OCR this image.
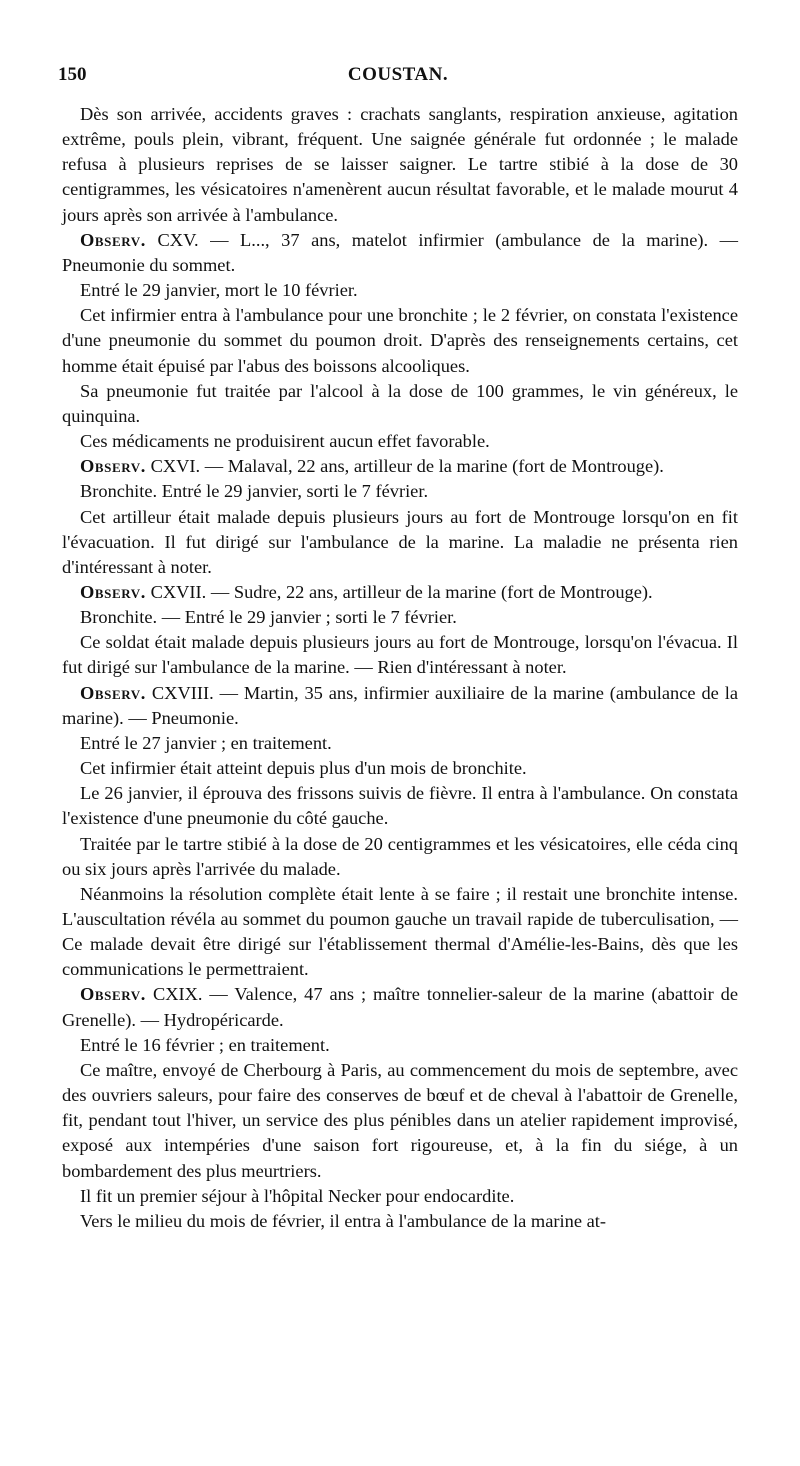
150	COUSTAN.

Dès son arrivée, accidents graves : crachats sanglants, respiration anxieuse, agitation extrême, pouls plein, vibrant, fréquent. Une saignée générale fut ordonnée ; le malade refusa à plusieurs reprises de se laisser saigner. Le tartre stibié à la dose de 30 centigrammes, les vésicatoires n'amenèrent aucun résultat favorable, et le malade mourut 4 jours après son arrivée à l'ambulance.

Observ. CXV. — L..., 37 ans, matelot infirmier (ambulance de la marine). — Pneumonie du sommet.

Entré le 29 janvier, mort le 10 février.

Cet infirmier entra à l'ambulance pour une bronchite ; le 2 février, on constata l'existence d'une pneumonie du sommet du poumon droit. D'après des renseignements certains, cet homme était épuisé par l'abus des boissons alcooliques.

Sa pneumonie fut traitée par l'alcool à la dose de 100 grammes, le vin généreux, le quinquina.

Ces médicaments ne produisirent aucun effet favorable.

Observ. CXVI. — Malaval, 22 ans, artilleur de la marine (fort de Montrouge).

Bronchite. Entré le 29 janvier, sorti le 7 février.

Cet artilleur était malade depuis plusieurs jours au fort de Montrouge lorsqu'on en fit l'évacuation. Il fut dirigé sur l'ambulance de la marine. La maladie ne présenta rien d'intéressant à noter.

Observ. CXVII. — Sudre, 22 ans, artilleur de la marine (fort de Montrouge).

Bronchite. — Entré le 29 janvier ; sorti le 7 février.

Ce soldat était malade depuis plusieurs jours au fort de Montrouge, lorsqu'on l'évacua. Il fut dirigé sur l'ambulance de la marine. — Rien d'intéressant à noter.

Observ. CXVIII. — Martin, 35 ans, infirmier auxiliaire de la marine (ambulance de la marine). — Pneumonie.

Entré le 27 janvier ; en traitement.

Cet infirmier était atteint depuis plus d'un mois de bronchite.

Le 26 janvier, il éprouva des frissons suivis de fièvre. Il entra à l'ambulance. On constata l'existence d'une pneumonie du côté gauche.

Traitée par le tartre stibié à la dose de 20 centigrammes et les vésicatoires, elle céda cinq ou six jours après l'arrivée du malade.

Néanmoins la résolution complète était lente à se faire ; il restait une bronchite intense. L'auscultation révéla au sommet du poumon gauche un travail rapide de tuberculisation, — Ce malade devait être dirigé sur l'établissement thermal d'Amélie-les-Bains, dès que les communications le permettraient.

Observ. CXIX. — Valence, 47 ans ; maître tonnelier-saleur de la marine (abattoir de Grenelle). — Hydropéricarde.

Entré le 16 février ; en traitement.

Ce maître, envoyé de Cherbourg à Paris, au commencement du mois de septembre, avec des ouvriers saleurs, pour faire des conserves de bœuf et de cheval à l'abattoir de Grenelle, fit, pendant tout l'hiver, un service des plus pénibles dans un atelier rapidement improvisé, exposé aux intempéries d'une saison fort rigoureuse, et, à la fin du siége, à un bombardement des plus meurtriers.

Il fit un premier séjour à l'hôpital Necker pour endocardite.

Vers le milieu du mois de février, il entra à l'ambulance de la marine at-
